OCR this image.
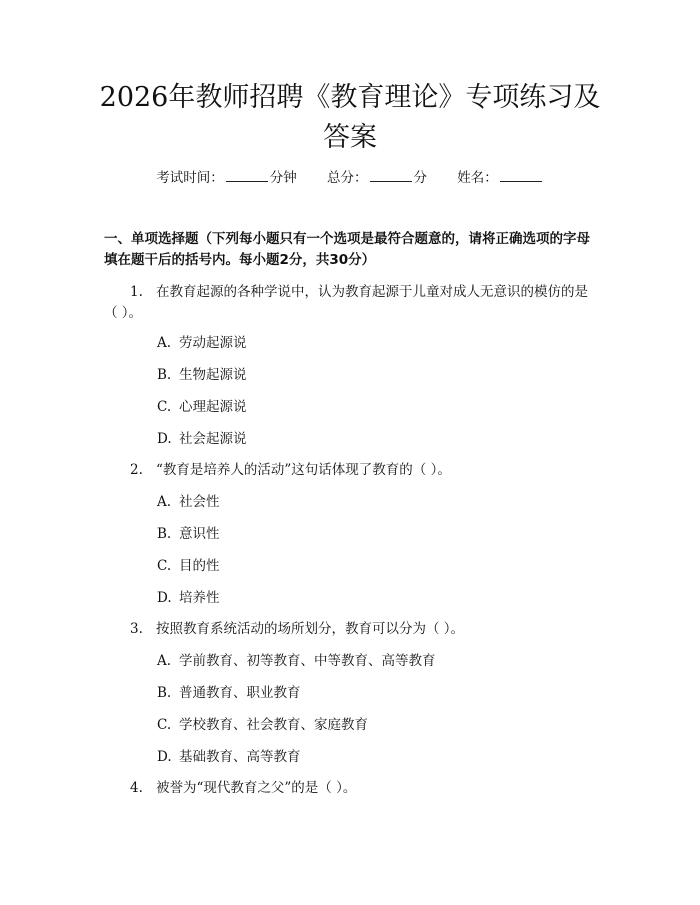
2026年教师招聘《教育理论》专项练习及答案
考试时间：	分钟 总分：	分 姓名：
一、单项选择题（下列每小题只有一个选项是最符合题意的，请将正确选项的字母填在题干后的括号内。每小题2分，共30分）
1. 在教育起源的各种学说中，认为教育起源于儿童对成人无意识的模仿的是（ ）。
A. 劳动起源说
B. 生物起源说
C. 心理起源说
D. 社会起源说
2. “教育是培养人的活动”这句话体现了教育的（ ）。
A. 社会性
B. 意识性
C. 目的性
D. 培养性
3. 按照教育系统活动的场所划分，教育可以分为（ ）。
A. 学前教育、初等教育、中等教育、高等教育
B. 普通教育、职业教育
C. 学校教育、社会教育、家庭教育
D. 基础教育、高等教育
4. 被誉为“现代教育之父”的是（ ）。
